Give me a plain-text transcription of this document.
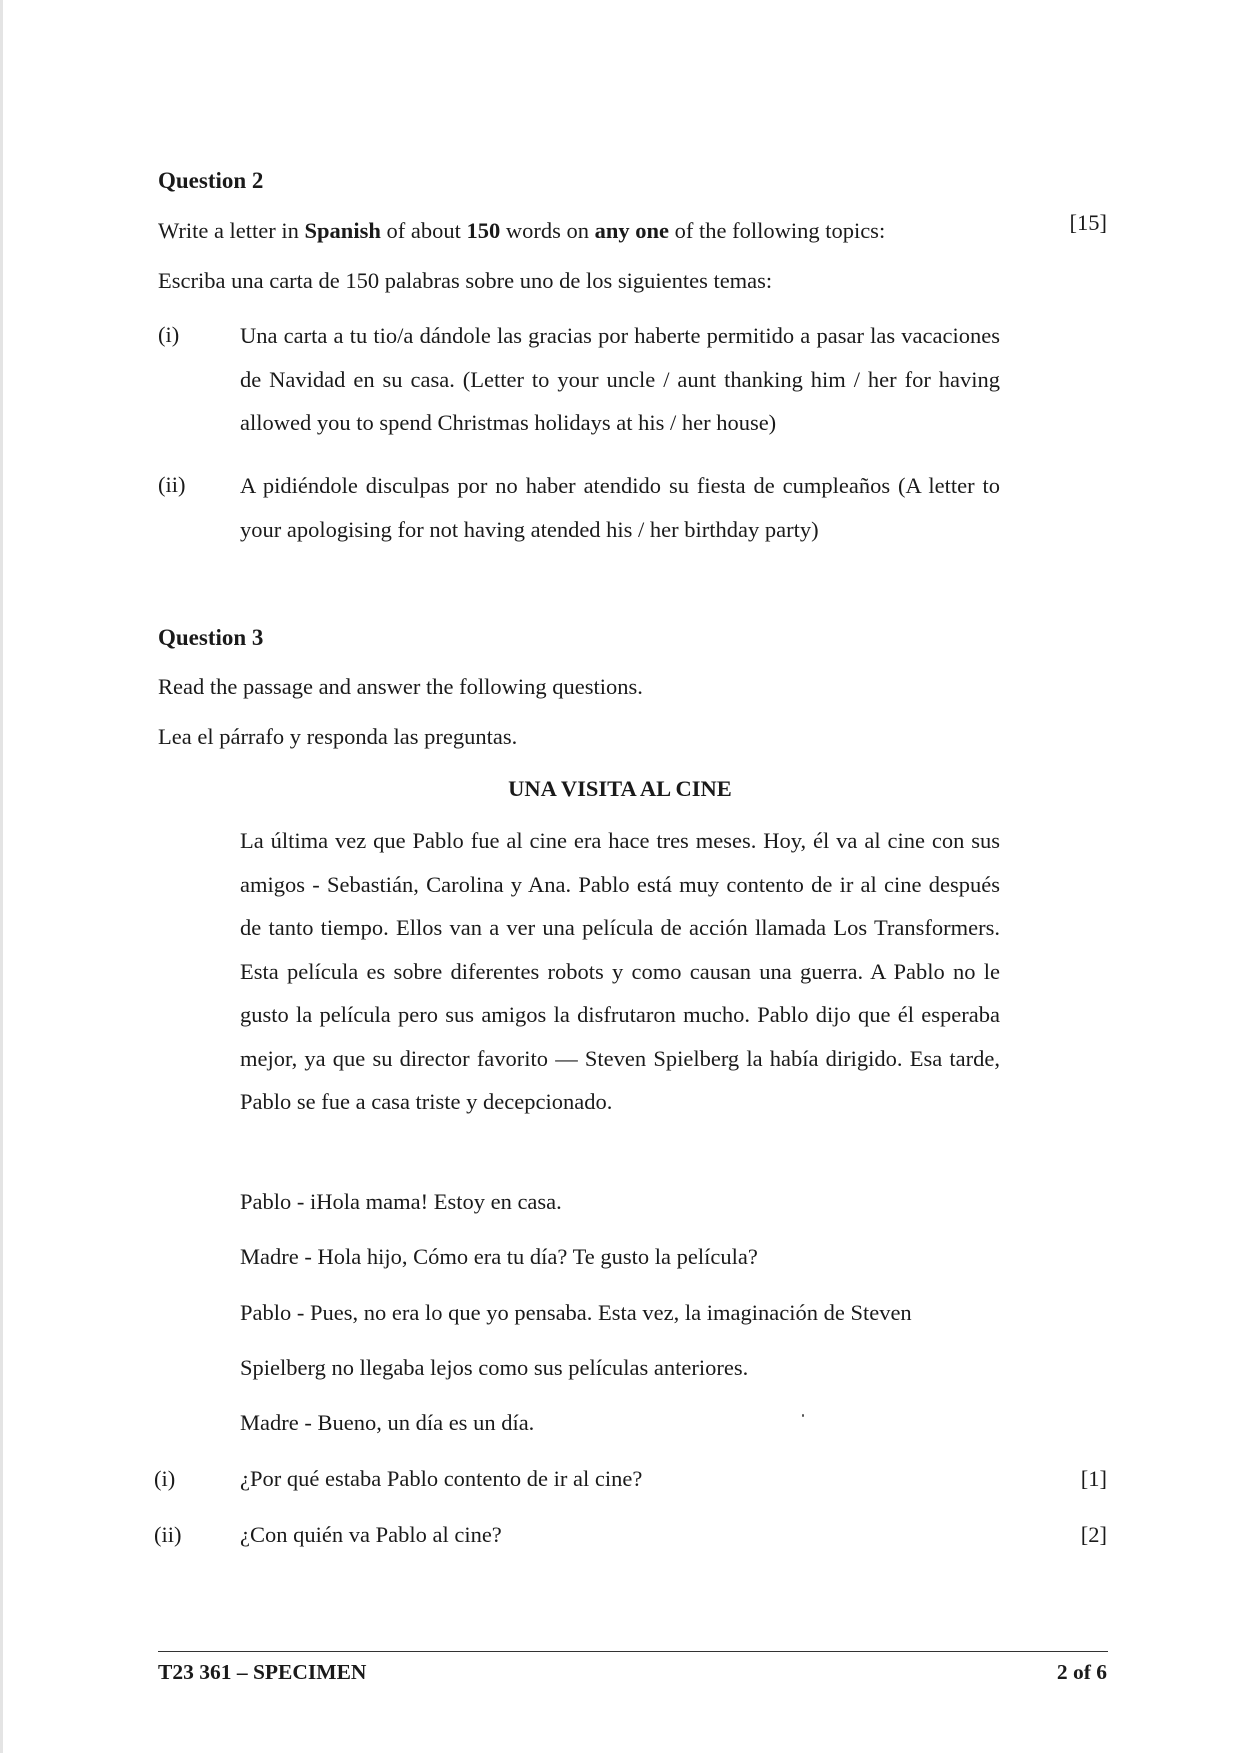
Question 2

Write a letter in Spanish of about 150 words on any one of the following topics:	[15]

Escriba una carta de 150 palabras sobre uno de los siguientes temas:

(i)	Una carta a tu tio/a dándole las gracias por haberte permitido a pasar las vacaciones de Navidad en su casa. (Letter to your uncle / aunt thanking him / her for having allowed you to spend Christmas holidays at his / her house)

(ii) A pidiéndole disculpas por no haber atendido su fiesta de cumpleaños (A letter to your apologising for not having atended his / her birthday party)

Question 3

Read the passage and answer the following questions.

Lea el párrafo y responda las preguntas.

UNA VISITA AL CINE

La última vez que Pablo fue al cine era hace tres meses. Hoy, él va al cine con sus amigos - Sebastián, Carolina y Ana. Pablo está muy contento de ir al cine después de tanto tiempo. Ellos van a ver una película de acción llamada Los Transformers. Esta película es sobre diferentes robots y como causan una guerra. A Pablo no le gusto la película pero sus amigos la disfrutaron mucho. Pablo dijo que él esperaba mejor, ya que su director favorito — Steven Spielberg la había dirigido. Esa tarde, Pablo se fue a casa triste y decepcionado.

Pablo - iHola mama! Estoy en casa.

Madre - Hola hijo, Cómo era tu día? Te gusto la película?

Pablo - Pues, no era lo que yo pensaba. Esta vez, la imaginación de Steven

Spielberg no llegaba lejos como sus películas anteriores.

Madre - Bueno, un día es un día.

(i)	¿Por qué estaba Pablo contento de ir al cine?	[1]

(ii)	¿Con quién va Pablo al cine?	[2]

T23 361 – SPECIMEN	2 of 6
